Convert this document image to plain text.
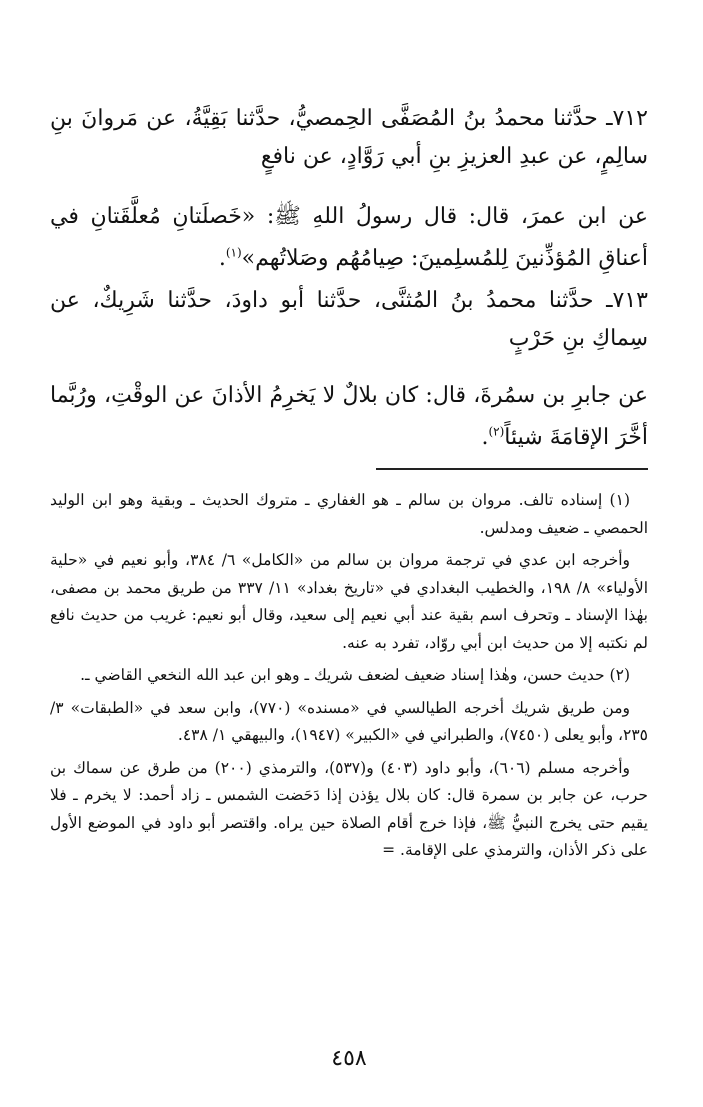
٧١٢ـ حدَّثنا محمدُ بنُ المُصَفَّى الحِمصيُّ، حدَّثنا بَقِيَّةُ، عن مَروانَ بنِ سالِمٍ، عن عبدِ العزيزِ بنِ أبي رَوَّادٍ، عن نافعٍ

عن ابن عمرَ، قال: قال رسولُ اللهِ ﷺ: «خَصلَتانِ مُعلَّقَتانِ في أعناقِ المُؤذِّنينَ لِلمُسلِمينَ: صِيامُهُم وصَلاتُهم»$^{(١)}$.

٧١٣ـ حدَّثنا محمدُ بنُ المُثنَّى، حدَّثنا أبو داودَ، حدَّثنا شَرِيكٌ، عن سِماكِ بنِ حَرْبٍ

عن جابرِ بن سمُرةَ، قال: كان بلالٌ لا يَخرِمُ الأذانَ عن الوقْتِ، ورُبَّما أخَّرَ الإقامَةَ شيئاً$^{(٢)}$.

(١) إسناده تالف. مروان بن سالم ـ هو الغفاري ـ متروك الحديث ـ وبقية وهو ابن الوليد الحمصي ـ ضعيف ومدلس.

وأخرجه ابن عدي في ترجمة مروان بن سالم من «الكامل» ٦/ ٣٨٤، وأبو نعيم في «حلية الأولياء» ٨/ ١٩٨، والخطيب البغدادي في «تاريخ بغداد» ١١/ ٣٣٧ من طريق محمد بن مصفى، بهٰذا الإسناد ـ وتحرف اسم بقية عند أبي نعيم إلى سعيد، وقال أبو نعيم: غريب من حديث نافع لم نكتبه إلا من حديث ابن أبي روّاد، تفرد به عنه.

(٢) حديث حسن، وهٰذا إسناد ضعيف لضعف شريك ـ وهو ابن عبد الله النخعي القاضي ـ.

ومن طريق شريك أخرجه الطيالسي في «مسنده» (٧٧٠)، وابن سعد في «الطبقات» ٣/ ٢٣٥، وأبو يعلى (٧٤٥٠)، والطبراني في «الكبير» (١٩٤٧)، والبيهقي ١/ ٤٣٨.

وأخرجه مسلم (٦٠٦)، وأبو داود (٤٠٣) و(٥٣٧)، والترمذي (٢٠٠) من طرق عن سماك بن حرب، عن جابر بن سمرة قال: كان بلال يؤذن إذا دَحَضت الشمس ـ زاد أحمد: لا يخرم ـ فلا يقيم حتى يخرج النبيُّ ﷺ، فإذا خرج أقام الصلاة حين يراه. واقتصر أبو داود في الموضع الأول على ذكر الأذان، والترمذي على الإقامة. =

٤٥٨
